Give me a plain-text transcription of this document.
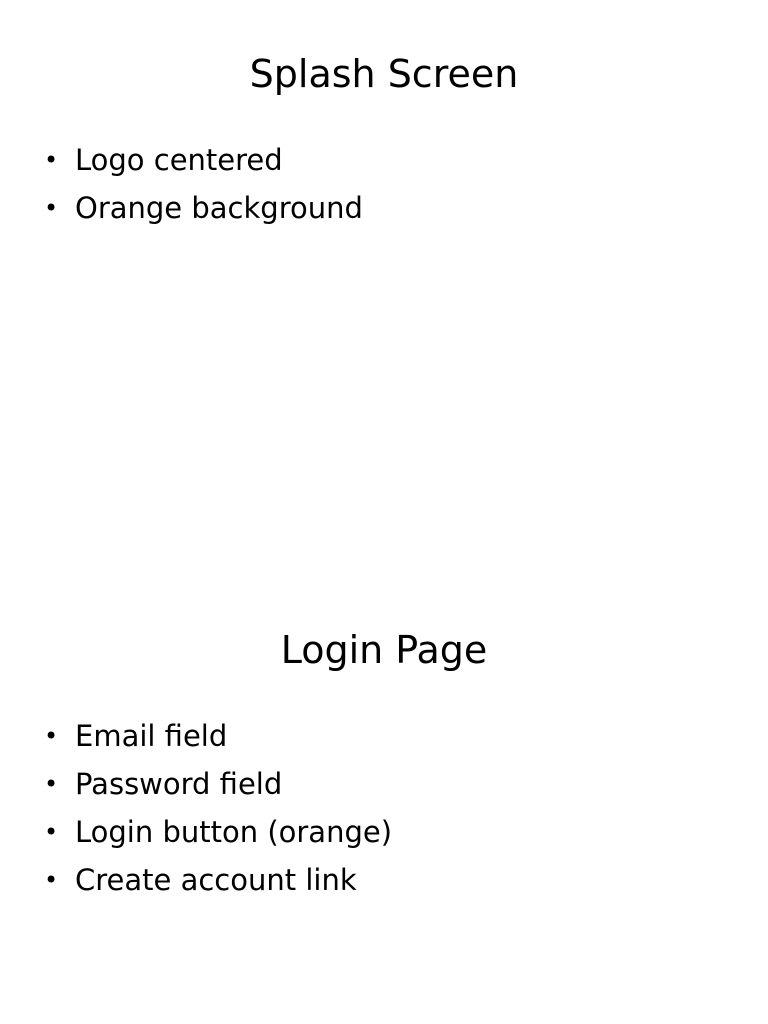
Splash Screen
• Logo centered
• Orange background
Login Page
• Email field
• Password field
• Login button (orange)
• Create account link
